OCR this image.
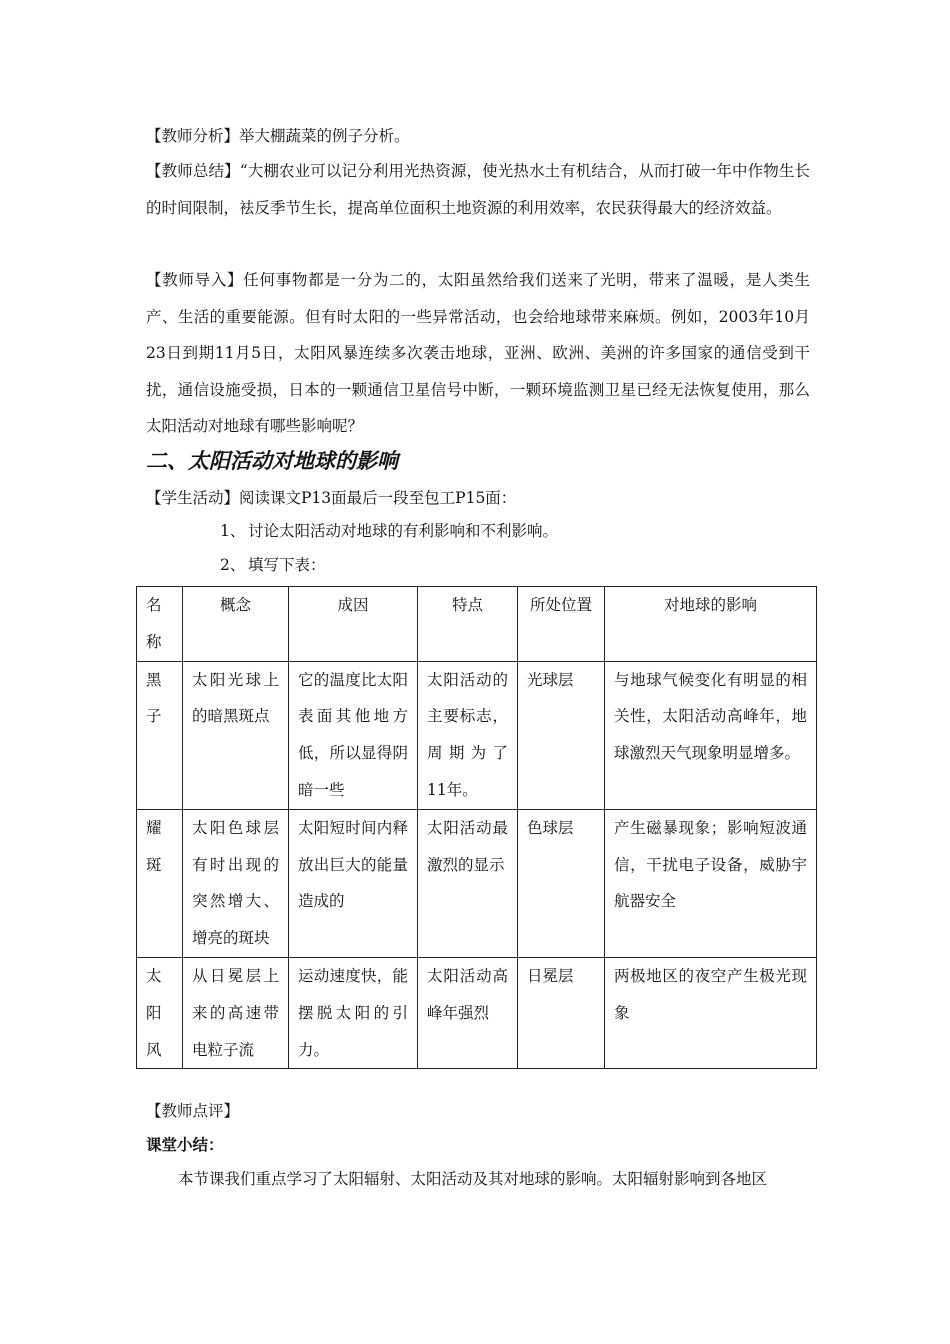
【教师分析】举大棚蔬菜的例子分析。

【教师总结】“大棚农业可以记分利用光热资源，使光热水土有机结合，从而打破一年中作物生长的时间限制，袪反季节生长，提高单位面积土地资源的利用效率，农民获得最大的经济效益。

【教师导入】任何事物都是一分为二的，太阳虽然给我们送来了光明，带来了温暖，是人类生产、生活的重要能源。但有时太阳的一些异常活动，也会给地球带来麻烦。例如，2003年10月23日到期11月5日，太阳风暴连续多次袭击地球，亚洲、欧洲、美洲的许多国家的通信受到干扰，通信设施受损，日本的一颗通信卫星信号中断，一颗环境监测卫星已经无法恢复使用，那么太阳活动对地球有哪些影响呢？

二、太阳活动对地球的影响

【学生活动】阅读课文P13面最后一段至包工P15面：

1、 讨论太阳活动对地球的有利影响和不利影响。
2、 填写下表：
名称	概念	成因	特点	所处位置	对地球的影响
黑子	太阳光球上的暗黑斑点	它的温度比太阳表面其他地方低，所以显得阴暗一些	太阳活动的主要标志，周期为了11年。	光球层	与地球气候变化有明显的相关性，太阳活动高峰年，地球激烈天气现象明显增多。
耀斑	太阳色球层有时出现的突然增大、增亮的斑块	太阳短时间内释放出巨大的能量造成的	太阳活动最激烈的显示	色球层	产生磁暴现象；影响短波通信，干扰电子设备，威胁宇航器安全
太阳风	从日冕层上来的高速带电粒子流	运动速度快，能摆脱太阳的引力。	太阳活动高峰年强烈	日冕层	两极地区的夜空产生极光现象

【教师点评】

课堂小结：

本节课我们重点学习了太阳辐射、太阳活动及其对地球的影响。太阳辐射影响到各地区
